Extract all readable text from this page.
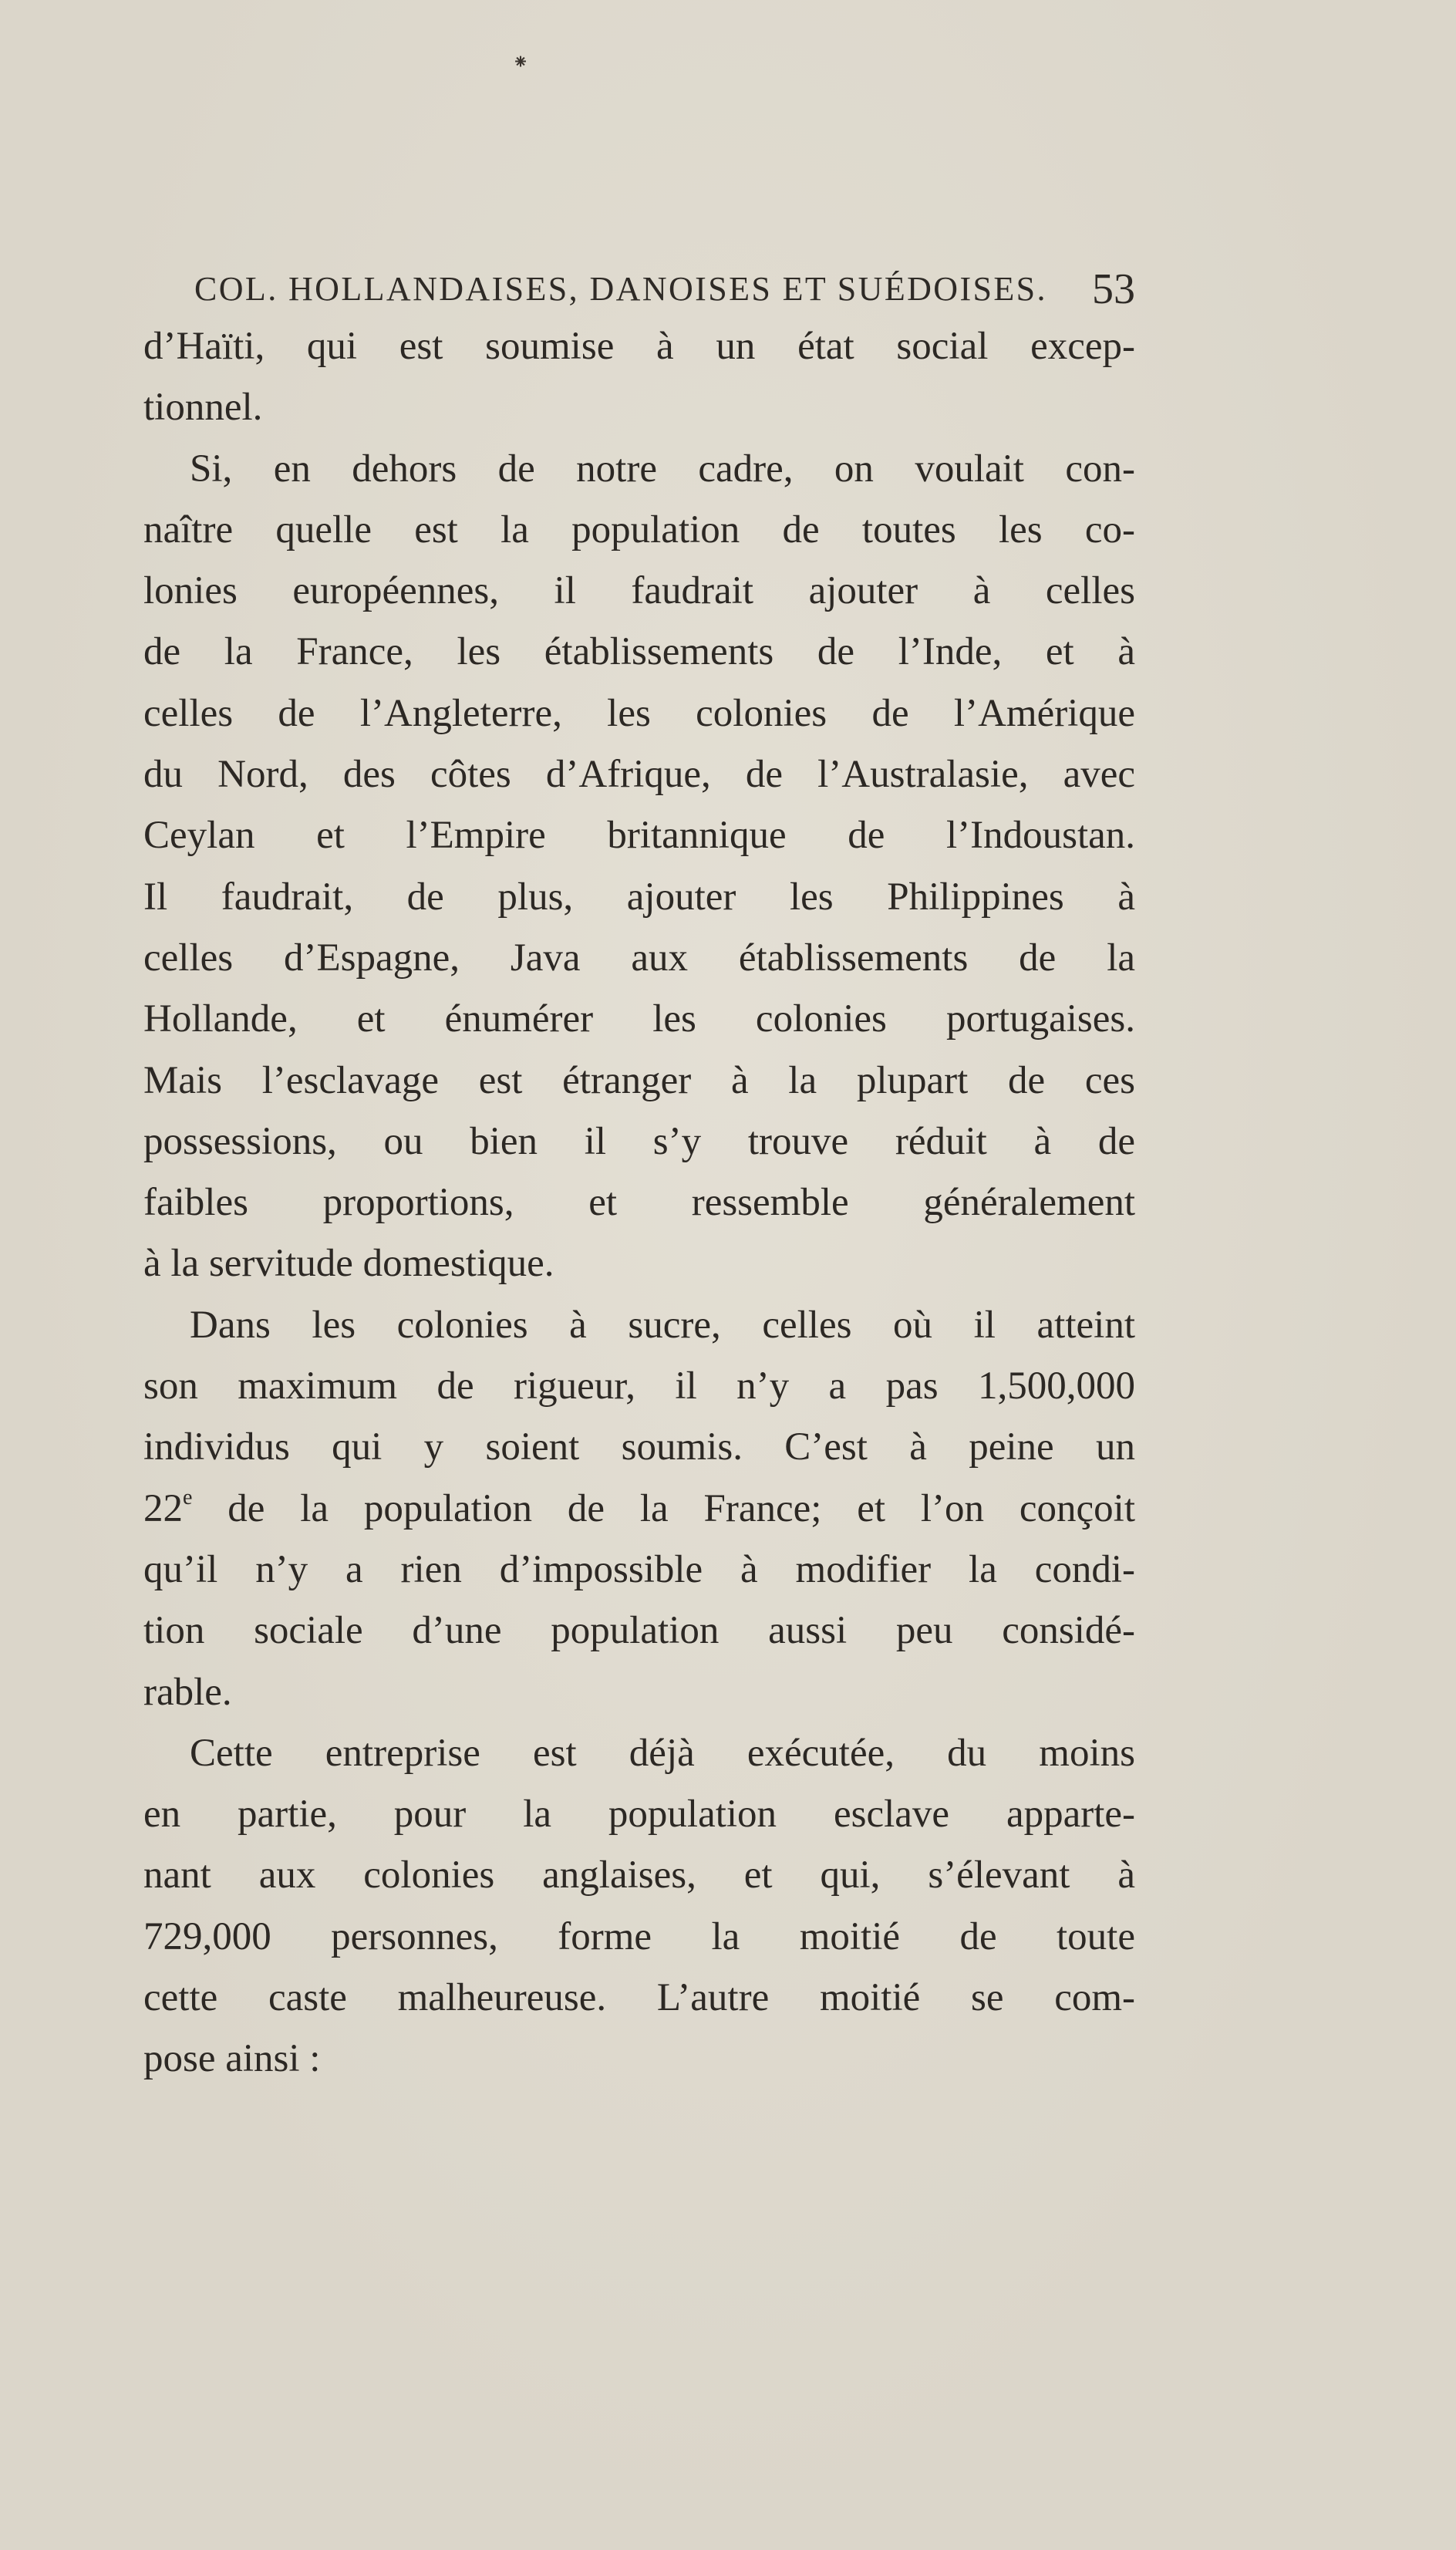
⁕
COL. HOLLANDAISES, DANOISES ET SUÉDOISES. 53
d’Haïti, qui est soumise à un état social excep-
tionnel.
Si, en dehors de notre cadre, on voulait con-
naître quelle est la population de toutes les co-
lonies européennes, il faudrait ajouter à celles
de la France, les établissements de l’Inde, et à
celles de l’Angleterre, les colonies de l’Amérique
du Nord, des côtes d’Afrique, de l’Australasie, avec
Ceylan et l’Empire britannique de l’Indoustan.
Il faudrait, de plus, ajouter les Philippines à
celles d’Espagne, Java aux établissements de la
Hollande, et énumérer les colonies portugaises.
Mais l’esclavage est étranger à la plupart de ces
possessions, ou bien il s’y trouve réduit à de
faibles proportions, et ressemble généralement
à la servitude domestique.
Dans les colonies à sucre, celles où il atteint
son maximum de rigueur, il n’y a pas 1,500,000
individus qui y soient soumis. C’est à peine un
22e de la population de la France; et l’on conçoit
qu’il n’y a rien d’impossible à modifier la condi-
tion sociale d’une population aussi peu considé-
rable.
Cette entreprise est déjà exécutée, du moins
en partie, pour la population esclave apparte-
nant aux colonies anglaises, et qui, s’élevant à
729,000 personnes, forme la moitié de toute
cette caste malheureuse. L’autre moitié se com-
pose ainsi :
